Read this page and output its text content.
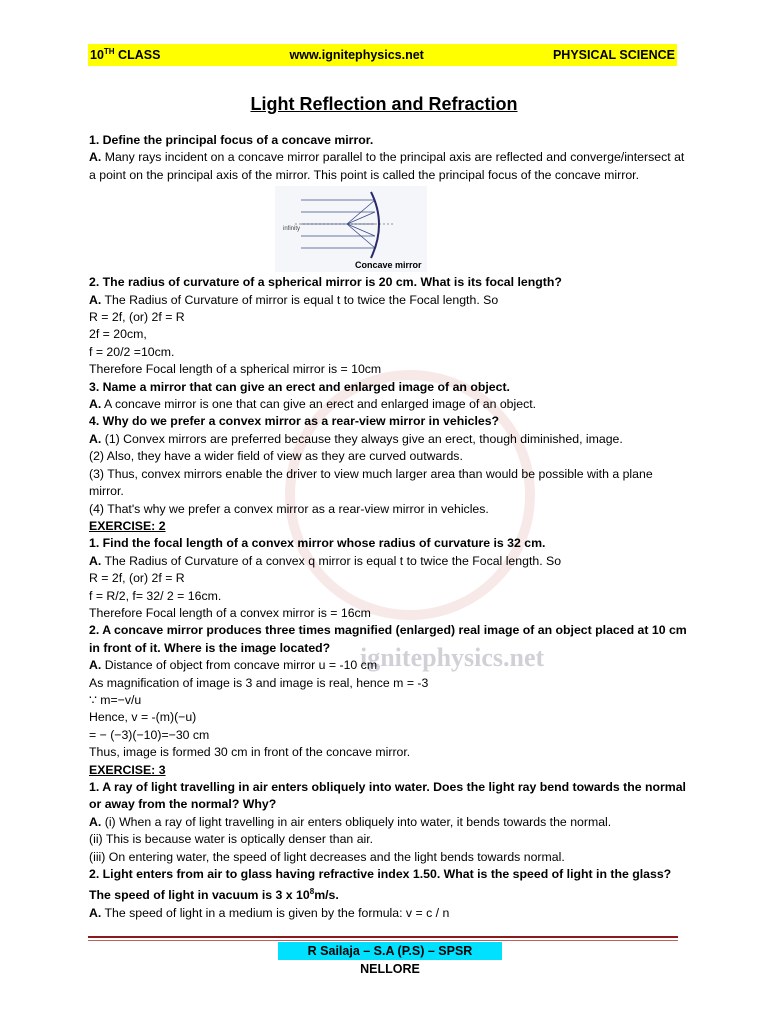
10TH CLASS	www.ignitephysics.net	PHYSICAL SCIENCE
Light Reflection and Refraction
ignitephysics.net

1. Define the principal focus of a concave mirror.

A. Many rays incident on a concave mirror parallel to the principal axis are reflected and converge/intersect at a point on the principal axis of the mirror. This point is called the principal focus of the concave mirror.

infinity
Concave mirror

2. The radius of curvature of a spherical mirror is 20 cm. What is its focal length?

A. The Radius of Curvature of mirror is equal t to twice the Focal length. So

R = 2f, (or) 2f = R

2f = 20cm,

f = 20/2 =10cm.

Therefore Focal length of a spherical mirror is = 10cm

3. Name a mirror that can give an erect and enlarged image of an object.

A. A concave mirror is one that can give an erect and enlarged image of an object.

4. Why do we prefer a convex mirror as a rear-view mirror in vehicles?

A. (1) Convex mirrors are preferred because they always give an erect, though diminished, image.

(2) Also, they have a wider field of view as they are curved outwards.

(3) Thus, convex mirrors enable the driver to view much larger area than would be possible with a plane mirror.

(4) That's why we prefer a convex mirror as a rear-view mirror in vehicles.

EXERCISE: 2

1. Find the focal length of a convex mirror whose radius of curvature is 32 cm.

A. The Radius of Curvature of a convex q mirror is equal t to twice the Focal length. So

R = 2f, (or) 2f = R

f = R/2, f= 32/ 2 = 16cm.

Therefore Focal length of a convex mirror is = 16cm

2. A concave mirror produces three times magnified (enlarged) real image of an object placed at 10 cm in front of it. Where is the image located?

A. Distance of object from concave mirror u = -10 cm

As magnification of image is 3 and image is real, hence m = -3

∵ m=−v/u

Hence, v = -(m)(−u)

= − (−3)(−10)=−30 cm

Thus, image is formed 30 cm in front of the concave mirror.

EXERCISE: 3

1. A ray of light travelling in air enters obliquely into water. Does the light ray bend towards the normal or away from the normal? Why?

A. (i) When a ray of light travelling in air enters obliquely into water, it bends towards the normal.

(ii) This is because water is optically denser than air.

(iii) On entering water, the speed of light decreases and the light bends towards normal.

2. Light enters from air to glass having refractive index 1.50. What is the speed of light in the glass? The speed of light in vacuum is 3 x $10^8m/s$.

A. The speed of light in a medium is given by the formula: v = c / n

R Sailaja – S.A (P.S) – SPSR NELLORE
